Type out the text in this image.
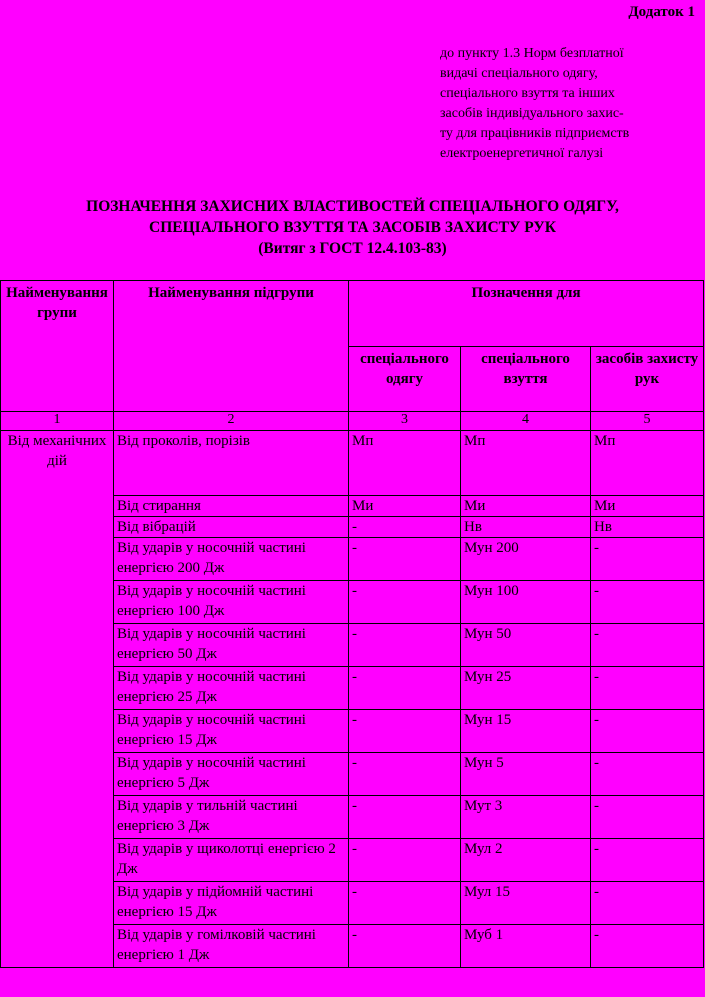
Додаток 1
до пункту 1.3 Норм безплатної
видачі спеціального одягу,
спеціального взуття та інших
засобів індивідуального захис-
ту для працівників підприємств
електроенергетичної галузі
ПОЗНАЧЕННЯ ЗАХИСНИХ ВЛАСТИВОСТЕЙ СПЕЦІАЛЬНОГО ОДЯГУ,
СПЕЦІАЛЬНОГО ВЗУТТЯ ТА ЗАСОБІВ ЗАХИСТУ РУК
(Витяг з ГОСТ 12.4.103-83)
Найменування групи	Найменування підгрупи	Позначення для		
		спеціального одягу	спеціального взуття	засобів захисту рук
1	2	3	4	5
Від механічних дій	Від проколів, порізів	Мп	Мп	Мп
	Від стирання	Ми	Ми	Ми
	Від вібрацій	-	Нв	Нв
	Від ударів у носочній частині енергією 200 Дж	-	Мун 200	-
	Від ударів у носочній частині енергією 100 Дж	-	Мун 100	-
	Від ударів у носочній частині енергією 50 Дж	-	Мун 50	-
	Від ударів у носочній частині енергією 25 Дж	-	Мун 25	-
	Від ударів у носочній частині енергією 15 Дж	-	Мун 15	-
	Від ударів у носочній частині енергією 5 Дж	-	Мун 5	-
	Від ударів у тильній частині енергією 3 Дж	-	Мут 3	-
	Від ударів у щиколотці енергією 2 Дж	-	Мул 2	-
	Від ударів у підйомній частині енергією 15 Дж	-	Мул 15	-
	Від ударів у гомілковій частині енергією 1 Дж	-	Муб 1	-
